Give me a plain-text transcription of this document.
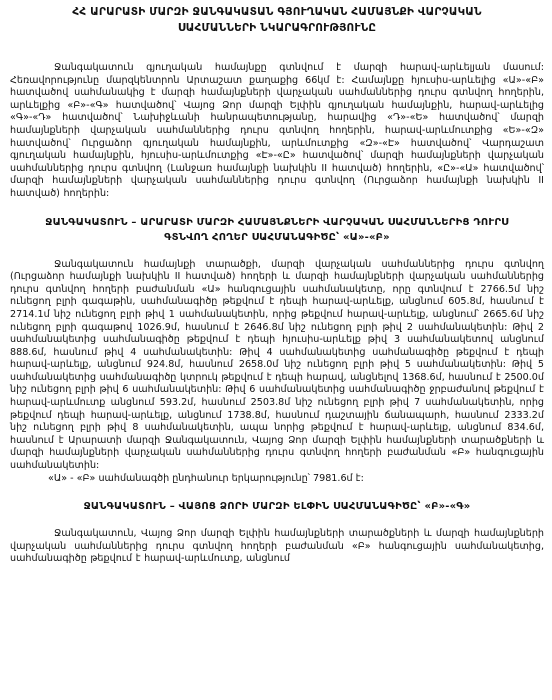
ՀՀ ԱՐԱՐԱՏԻ ՄԱՐԶԻ ՋԱՆԳԱԿԱՏԱՆ ԳՅՈՒՂԱԿԱՆ ՀԱՄԱՅՆՔԻ ՎԱՐՉԱԿԱՆ
ՍԱՀՄԱՆՆԵՐԻ ՆԿԱՐԱԳՐՈՒԹՅՈՒՆԸ

Ջանգակատուն գյուղական համայնքը գտնվում է մարզի հարավ-արևելյան մասում: Հեռավորությունը մարզկենտրոն Արտաշատ քաղաքից 66կմ է: Համայնքը հյուսիս-արևելից «Ա»-«Բ» հատվածով սահմանակից է մարզի համայնքների վարչական սահմաններից դուրս գտնվող հողերին, արևելքից «Բ»-«Գ» հատվածով՝ Վայոց Ձոր մարզի Ելփին գյուղական համայնքին, հարավ-արևելից «Գ»-«Դ» հատվածով՝ Նախիջևանի հանրապետությանը, հարավից «Դ»-«Ե» հատվածով՝ մարզի համայնքների վարչական սահմաններից դուրս գտնվող հողերին, հարավ-արևմուտքից «Ե»-«Զ» հատվածով՝ Ուրցաձոր գյուղական համայնքին, արևմուտքից «Զ»-«Է» հատվածով՝ Վարդաշատ գյուղական համայնքին, հյուսիս-արևմուտքից «Է»-«Ը» հատվածով՝ մարզի համայնքների վարչական սահմաններից դուրս գտնվող (Լանջառ համայնքի նախկին II հատված) հողերին, «Ը»-«Ա» հատվածով՝ մարզի համայնքների վարչական սահմաններից դուրս գտնվող (Ուրցաձոր համայնքի նախկին II հատված) հողերին:

ՋԱՆԳԱԿԱՏՈՒՆ – ԱՐԱՐԱՏԻ ՄԱՐԶԻ ՀԱՄԱՅՆՔՆԵՐԻ ՎԱՐՉԱԿԱՆ ՍԱՀՄԱՆՆԵՐԻՑ ԴՈՒՐՍ
ԳՏՆՎՈՂ ՀՈՂԵՐ ՍԱՀՄԱՆԱԳԻԾԸ՝ «Ա»-«Բ»

Ջանգակատուն համայնքի տարածքի, մարզի վարչական սահմաններից դուրս գտնվող (Ուրցաձոր համայնքի նախկին II հատված) հողերի և մարզի համայնքների վարչական սահմաններից դուրս գտնվող հողերի բաժանման «Ա» հանգուցային սահմանակետը, որը գտնվում է 2766.5մ նիշ ունեցող բլրի գագաթին, սահմանագիծը թեքվում է դեպի հարավ-արևելք, անցնում 605.8մ, հասնում է 2714.1մ նիշ ունեցող բլրի թիվ 1 սահմանակետին, որից թեքվում հարավ-արևելք, անցնում՝ 2665.6մ նիշ ունեցող բլրի գագաթով 1026.9մ, հասնում է 2646.8մ նիշ ունեցող բլրի թիվ 2 սահմանակետին: Թիվ 2 սահմանակետից սահմանագիծը թեքվում է դեպի հյուսիս-արևելք թիվ 3 սահմանակետով անցնում 888.6մ, հասնում թիվ 4 սահմանակետին: Թիվ 4 սահմանակետից սահմանագիծը թեքվում է դեպի հարավ-արևելք, անցնում 924.8մ, հասնում 2658.0մ նիշ ունեցող բլրի թիվ 5 սահմանակետին: Թիվ 5 սահմանակետից սահմանագիծը կտրուկ թեքվում է դեպի հարավ, անցնելով 1368.6մ, հասնում է 2500.0մ նիշ ունեցող բլրի թիվ 6 սահմանակետին: Թիվ 6 սահմանակետից սահմանագիծը ջրբաժանով թեքվում է հարավ-արևմուտք անցնում 593.2մ, հասնում 2503.8մ նիշ ունեցող բլրի թիվ 7 սահմանակետին, որից թեքվում դեպի հարավ-արևելք, անցնում 1738.8մ, հասնում դաշտային ճանապարհ, հասնում 2333.2մ նիշ ունեցող բլրի թիվ 8 սահմանակետին, ապա նորից թեքվում է հարավ-արևելք, անցնում 834.6մ, հասնում է Արարատի մարզի Ջանգակատուն, Վայոց Ձոր մարզի Ելփին համայնքների տարածքների և մարզի համայնքների վարչական սահմաններից դուրս գտնվող հողերի բաժանման «Բ» հանգուցային սահմանակետին:

«Ա» - «Բ» սահմանագծի ընդհանուր երկարությունը՝ 7981.6մ է:

ՋԱՆԳԱԿԱՏՈՒՆ – ՎԱՅՈՑ ՁՈՐԻ ՄԱՐԶԻ ԵԼՓԻՆ ՍԱՀՄԱՆԱԳԻԾԸ՝ «Բ»-«Գ»

Ջանգակատուն, Վայոց Ձոր մարզի Ելփին համայնքների տարածքների և մարզի համայնքների վարչական սահմաններից դուրս գտնվող հողերի բաժանման «Բ» հանգուցային սահմանակետից, սահմանագիծը թեքվում է հարավ-արևմուտք, անցնում
